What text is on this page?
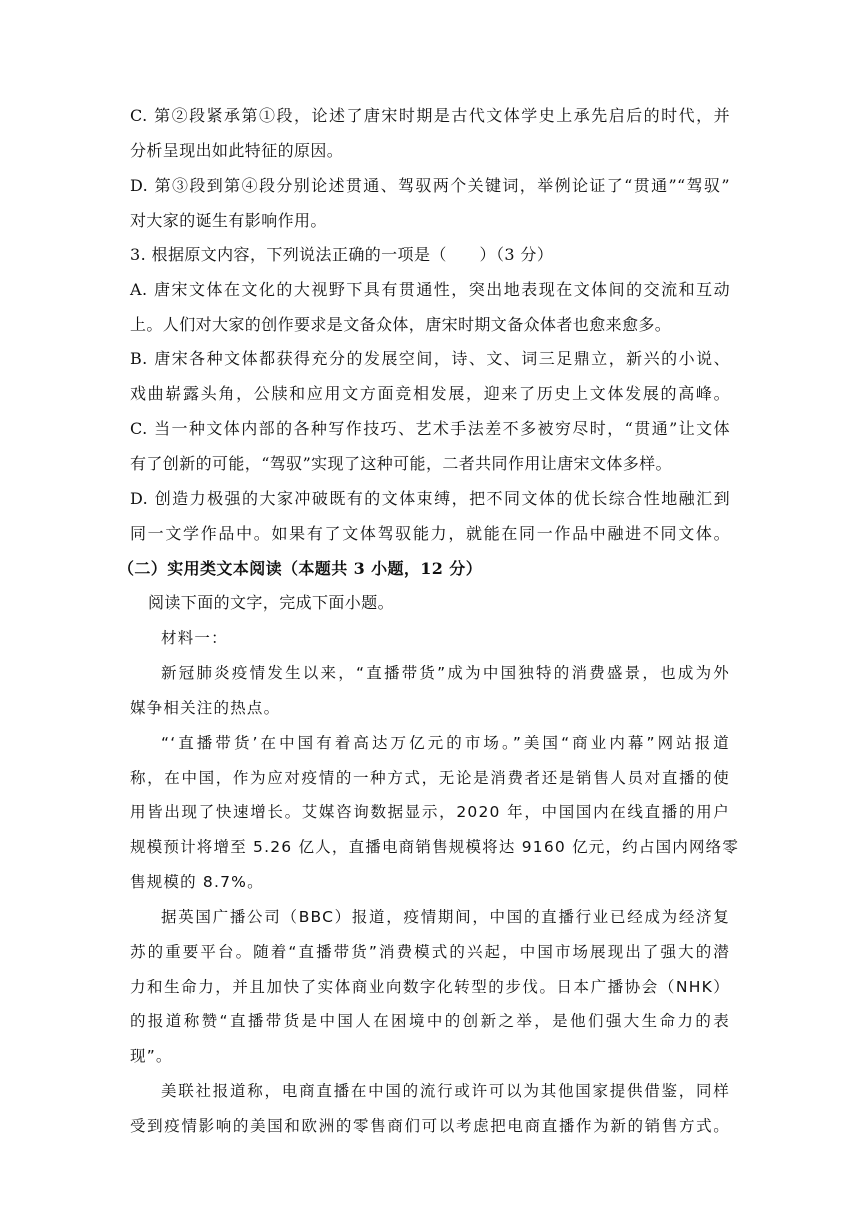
C. 第②段紧承第①段，论述了唐宋时期是古代文体学史上承先启后的时代，并
分析呈现出如此特征的原因。
D. 第③段到第④段分别论述贯通、驾驭两个关键词，举例论证了“贯通”“驾驭”
对大家的诞生有影响作用。
3. 根据原文内容，下列说法正确的一项是（　　）（3 分）
A. 唐宋文体在文化的大视野下具有贯通性，突出地表现在文体间的交流和互动
上。人们对大家的创作要求是文备众体，唐宋时期文备众体者也愈来愈多。
B. 唐宋各种文体都获得充分的发展空间，诗、文、词三足鼎立，新兴的小说、
戏曲崭露头角，公牍和应用文方面竞相发展，迎来了历史上文体发展的高峰。
C. 当一种文体内部的各种写作技巧、艺术手法差不多被穷尽时，“贯通”让文体
有了创新的可能，“驾驭”实现了这种可能，二者共同作用让唐宋文体多样。
D. 创造力极强的大家冲破既有的文体束缚，把不同文体的优长综合性地融汇到
同一文学作品中。如果有了文体驾驭能力，就能在同一作品中融进不同文体。
（二）实用类文本阅读（本题共 3 小题，12 分）
阅读下面的文字，完成下面小题。
材料一：
新冠肺炎疫情发生以来，“直播带货”成为中国独特的消费盛景，也成为外
媒争相关注的热点。
“‘直播带货’在中国有着高达万亿元的市场。”美国“商业内幕”网站报道
称，在中国，作为应对疫情的一种方式，无论是消费者还是销售人员对直播的使
用皆出现了快速增长。艾媒咨询数据显示，2020 年，中国国内在线直播的用户
规模预计将增至 5.26 亿人，直播电商销售规模将达 9160 亿元，约占国内网络零
售规模的 8.7%。
据英国广播公司（BBC）报道，疫情期间，中国的直播行业已经成为经济复
苏的重要平台。随着“直播带货”消费模式的兴起，中国市场展现出了强大的潜
力和生命力，并且加快了实体商业向数字化转型的步伐。日本广播协会（NHK）
的报道称赞“直播带货是中国人在困境中的创新之举，是他们强大生命力的表
现”。
美联社报道称，电商直播在中国的流行或许可以为其他国家提供借鉴，同样
受到疫情影响的美国和欧洲的零售商们可以考虑把电商直播作为新的销售方式。
